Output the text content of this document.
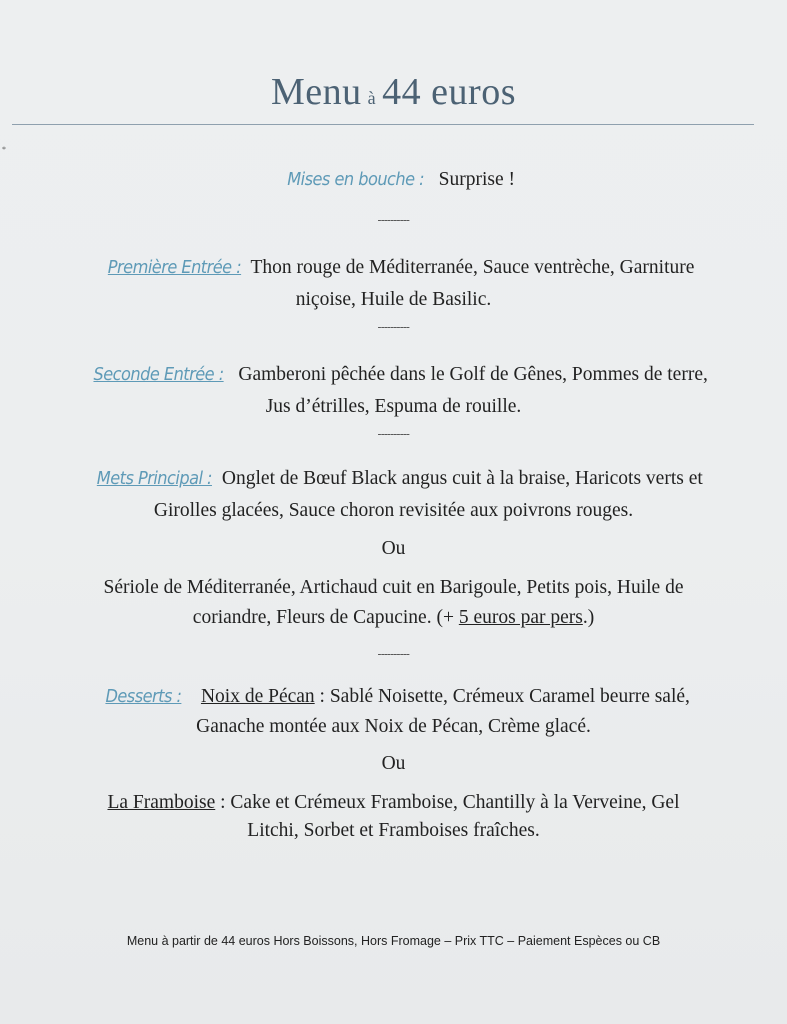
Menu à 44 euros
*
Mises en bouche : Surprise !
----------
Première Entrée : Thon rouge de Méditerranée, Sauce ventrèche, Garniture
niçoise, Huile de Basilic.
----------
Seconde Entrée : Gamberoni pêchée dans le Golf de Gênes, Pommes de terre,
Jus d’étrilles, Espuma de rouille.
----------
Mets Principal : Onglet de Bœuf Black angus cuit à la braise, Haricots verts et
Girolles glacées, Sauce choron revisitée aux poivrons rouges.
Ou
Sériole de Méditerranée, Artichaud cuit en Barigoule, Petits pois, Huile de
coriandre, Fleurs de Capucine. (+ 5 euros par pers.)
----------
Desserts : Noix de Pécan : Sablé Noisette, Crémeux Caramel beurre salé,
Ganache montée aux Noix de Pécan, Crème glacé.
Ou
La Framboise : Cake et Crémeux Framboise, Chantilly à la Verveine, Gel
Litchi, Sorbet et Framboises fraîches.
Menu à partir de 44 euros Hors Boissons, Hors Fromage – Prix TTC – Paiement Espèces ou CB
